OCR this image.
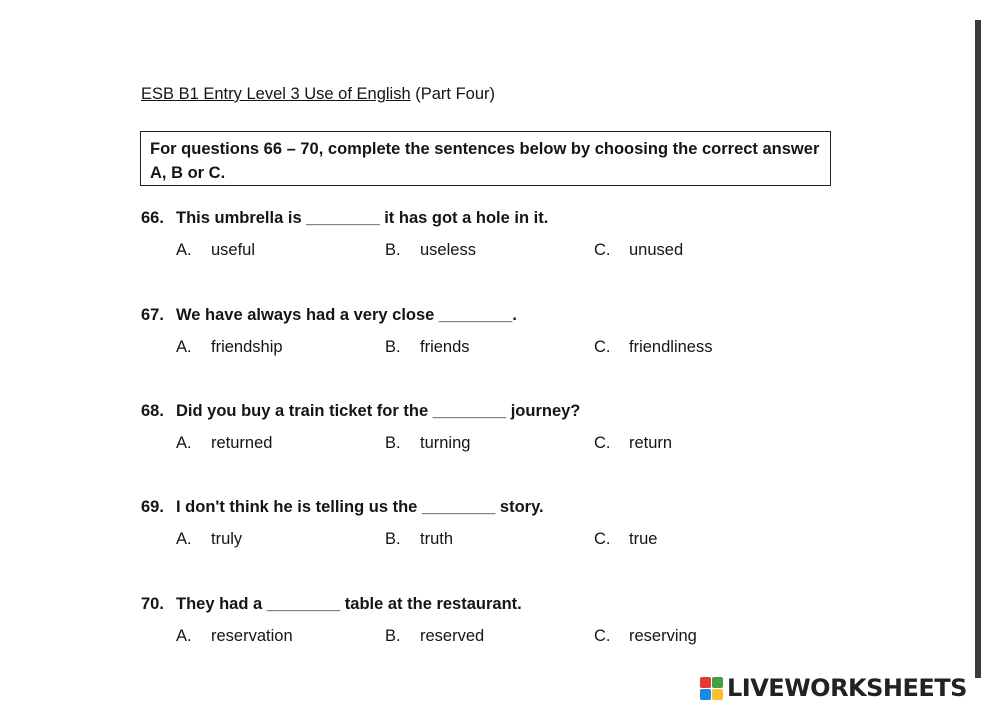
ESB B1 Entry Level 3 Use of English (Part Four)
For questions 66 – 70, complete the sentences below by choosing the correct answer A, B or C.
66. This umbrella is ________ it has got a hole in it.
A. useful	B. useless	C. unused
67. We have always had a very close ________.
A. friendship	B. friends	C. friendliness
68. Did you buy a train ticket for the ________ journey?
A. returned	B. turning	C. return
69. I don't think he is telling us the ________ story.
A. truly	B. truth	C. true
70. They had a ________ table at the restaurant.
A. reservation	B. reserved	C. reserving
LIVEWORKSHEETS
